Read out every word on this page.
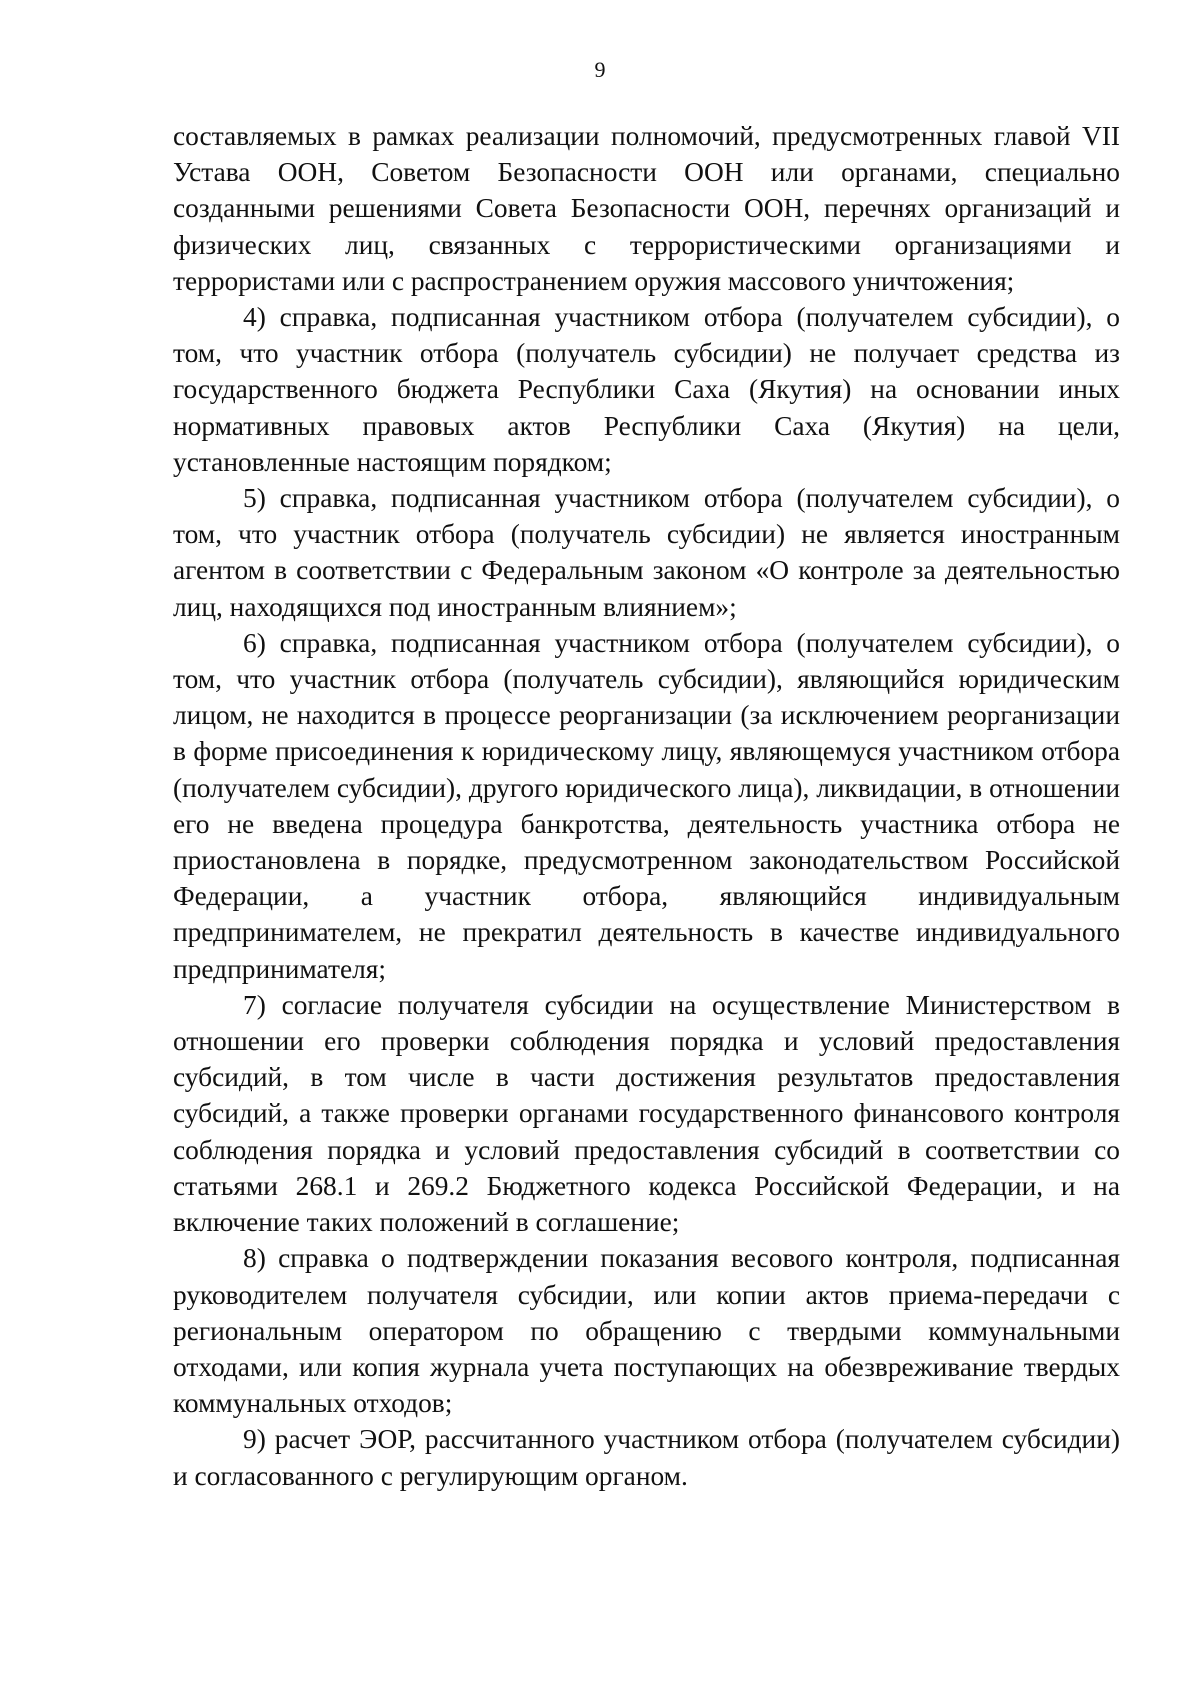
9

составляемых в рамках реализации полномочий, предусмотренных главой VII Устава ООН, Советом Безопасности ООН или органами, специально созданными решениями Совета Безопасности ООН, перечнях организаций и физических лиц, связанных с террористическими организациями и террористами или с распространением оружия массового уничтожения;

4) справка, подписанная участником отбора (получателем субсидии), о том, что участник отбора (получатель субсидии) не получает средства из государственного бюджета Республики Саха (Якутия) на основании иных нормативных правовых актов Республики Саха (Якутия) на цели, установленные настоящим порядком;

5) справка, подписанная участником отбора (получателем субсидии), о том, что участник отбора (получатель субсидии) не является иностранным агентом в соответствии с Федеральным законом «О контроле за деятельностью лиц, находящихся под иностранным влиянием»;

6) справка, подписанная участником отбора (получателем субсидии), о том, что участник отбора (получатель субсидии), являющийся юридическим лицом, не находится в процессе реорганизации (за исключением реорганизации в форме присоединения к юридическому лицу, являющемуся участником отбора (получателем субсидии), другого юридического лица), ликвидации, в отношении его не введена процедура банкротства, деятельность участника отбора не приостановлена в порядке, предусмотренном законодательством Российской Федерации, а участник отбора, являющийся индивидуальным предпринимателем, не прекратил деятельность в качестве индивидуального предпринимателя;

7) согласие получателя субсидии на осуществление Министерством в отношении его проверки соблюдения порядка и условий предоставления субсидий, в том числе в части достижения результатов предоставления субсидий, а также проверки органами государственного финансового контроля соблюдения порядка и условий предоставления субсидий в соответствии со статьями 268.1 и 269.2 Бюджетного кодекса Российской Федерации, и на включение таких положений в соглашение;

8) справка о подтверждении показания весового контроля, подписанная руководителем получателя субсидии, или копии актов приема-передачи с региональным оператором по обращению с твердыми коммунальными отходами, или копия журнала учета поступающих на обезвреживание твердых коммунальных отходов;

9) расчет ЭОР, рассчитанного участником отбора (получателем субсидии) и согласованного с регулирующим органом.
